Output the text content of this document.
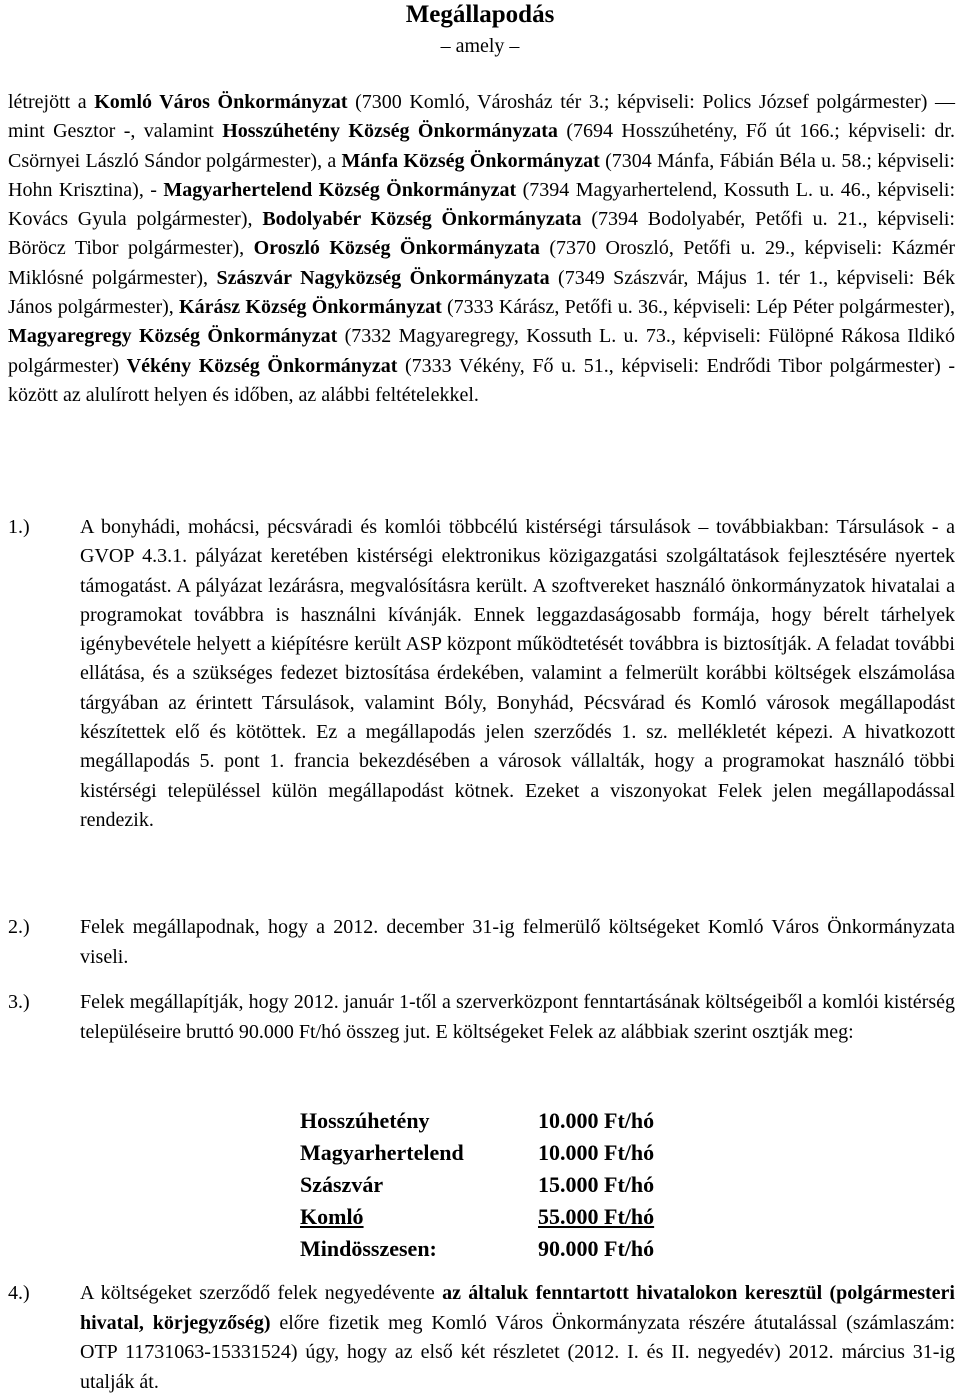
Megállapodás
– amely –
létrejött a Komló Város Önkormányzat (7300 Komló, Városház tér 3.; képviseli: Polics József polgármester) — mint Gesztor -, valamint Hosszúhetény Község Önkormányzata (7694 Hosszúhetény, Fő út 166.; képviseli: dr. Csörnyei László Sándor polgármester), a Mánfa Község Önkormányzat (7304 Mánfa, Fábián Béla u. 58.; képviseli: Hohn Krisztina), - Magyarhertelend Község Önkormányzat (7394 Magyarhertelend, Kossuth L. u. 46., képviseli: Kovács Gyula polgármester), Bodolyabér Község Önkormányzata (7394 Bodolyabér, Petőfi u. 21., képviseli: Böröcz Tibor polgármester), Oroszló Község Önkormányzata (7370 Oroszló, Petőfi u. 29., képviseli: Kázmér Miklósné polgármester), Szászvár Nagyközség Önkormányzata (7349 Szászvár, Május 1. tér 1., képviseli: Bék János polgármester), Kárász Község Önkormányzat (7333 Kárász, Petőfi u. 36., képviseli: Lép Péter polgármester), Magyaregregy Község Önkormányzat (7332 Magyaregregy, Kossuth L. u. 73., képviseli: Fülöpné Rákosa Ildikó polgármester) Vékény Község Önkormányzat (7333 Vékény, Fő u. 51., képviseli: Endrődi Tibor polgármester) - között az alulírott helyen és időben, az alábbi feltételekkel.
1.)	A bonyhádi, mohácsi, pécsváradi és komlói többcélú kistérségi társulások – továbbiakban: Társulások - a GVOP 4.3.1. pályázat keretében kistérségi elektronikus közigazgatási szolgáltatások fejlesztésére nyertek támogatást. A pályázat lezárásra, megvalósításra került. A szoftvereket használó önkormányzatok hivatalai a programokat továbbra is használni kívánják. Ennek leggazdaságosabb formája, hogy bérelt tárhelyek igénybevétele helyett a kiépítésre került ASP központ működtetését továbbra is biztosítják. A feladat további ellátása, és a szükséges fedezet biztosítása érdekében, valamint a felmerült korábbi költségek elszámolása tárgyában az érintett Társulások, valamint Bóly, Bonyhád, Pécsvárad és Komló városok megállapodást készítettek elő és kötöttek. Ez a megállapodás jelen szerződés 1. sz. mellékletét képezi. A hivatkozott megállapodás 5. pont 1. francia bekezdésében a városok vállalták, hogy a programokat használó többi kistérségi településsel külön megállapodást kötnek. Ezeket a viszonyokat Felek jelen megállapodással rendezik.
2.)	Felek megállapodnak, hogy a 2012. december 31-ig felmerülő költségeket Komló Város Önkormányzata viseli.
3.)	Felek megállapítják, hogy 2012. január 1-től a szerverközpont fenntartásának költségeiből a komlói kistérség településeire bruttó 90.000 Ft/hó összeg jut. E költségeket Felek az alábbiak szerint osztják meg:
Hosszúhetény	10.000 Ft/hó
Magyarhertelend	10.000 Ft/hó
Szászvár	15.000 Ft/hó
Komló	55.000 Ft/hó
Mindösszesen:	90.000 Ft/hó
4.)	A költségeket szerződő felek negyedévente az általuk fenntartott hivatalokon keresztül (polgármesteri hivatal, körjegyzőség) előre fizetik meg Komló Város Önkormányzata részére átutalással (számlaszám: OTP 11731063-15331524) úgy, hogy az első két részletet (2012. I. és II. negyedév) 2012. március 31-ig utalják át.
